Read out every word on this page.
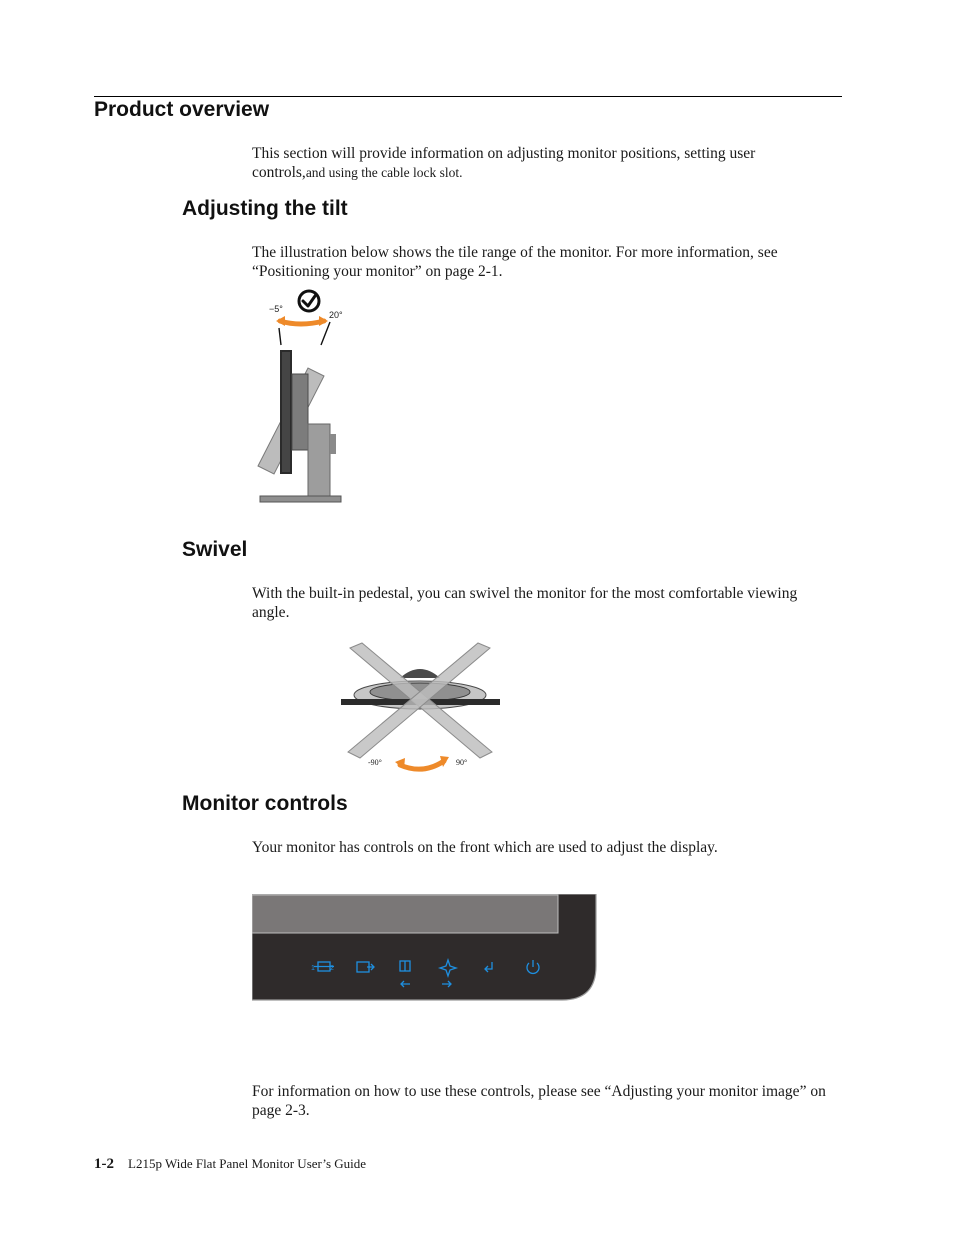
Product overview

This section will provide information on adjusting monitor positions, setting user controls,and using the cable lock slot.

Adjusting the tilt

The illustration below shows the tile range of the monitor. For more information, see “Positioning your monitor” on page 2-1.

−5°
20°
Swivel

With the built-in pedestal, you can swivel the monitor for the most comfortable viewing angle.

-90°	90°
Monitor controls

Your monitor has controls on the front which are used to adjust the display.

1 2

For information on how to use these controls, please see “Adjusting your monitor image” on page 2-3.

1-2 L215p Wide Flat Panel Monitor User’s Guide
